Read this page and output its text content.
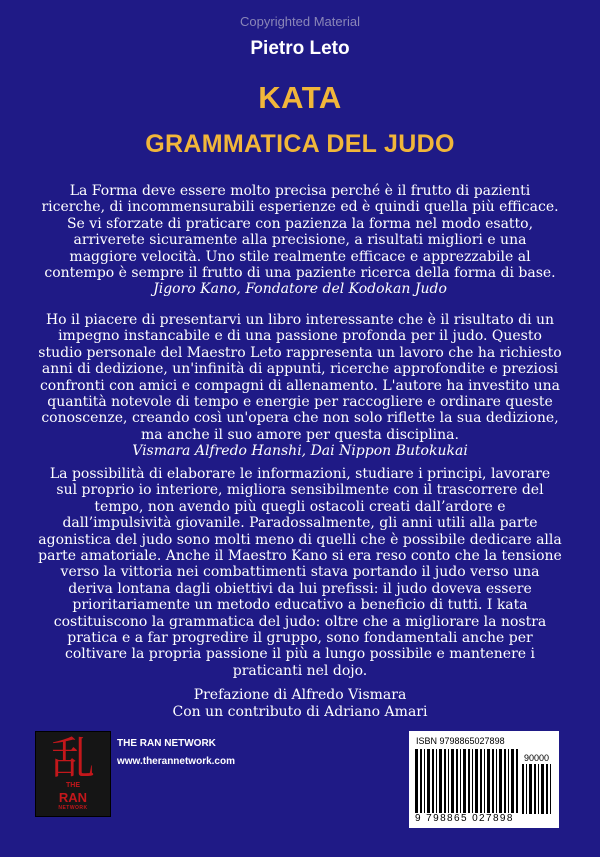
Copyrighted Material
Pietro Leto
KATA
GRAMMATICA DEL JUDO
La Forma deve essere molto precisa perché è il frutto di pazienti ricerche, di incommensurabili esperienze ed è quindi quella più efficace. Se vi sforzate di praticare con pazienza la forma nel modo esatto, arriverete sicuramente alla precisione, a risultati migliori e una maggiore velocità. Uno stile realmente efficace e apprezzabile al contempo è sempre il frutto di una paziente ricerca della forma di base.
Jigoro Kano, Fondatore del Kodokan Judo
Ho il piacere di presentarvi un libro interessante che è il risultato di un impegno instancabile e di una passione profonda per il judo. Questo studio personale del Maestro Leto rappresenta un lavoro che ha richiesto anni di dedizione, un'infinità di appunti, ricerche approfondite e preziosi confronti con amici e compagni di allenamento. L'autore ha investito una quantità notevole di tempo e energie per raccogliere e ordinare queste conoscenze, creando così un'opera che non solo riflette la sua dedizione, ma anche il suo amore per questa disciplina.
Vismara Alfredo Hanshi, Dai Nippon Butokukai
La possibilità di elaborare le informazioni, studiare i principi, lavorare sul proprio io interiore, migliora sensibilmente con il trascorrere del tempo, non avendo più quegli ostacoli creati dall’ardore e dall’impulsività giovanile. Paradossalmente, gli anni utili alla parte agonistica del judo sono molti meno di quelli che è possibile dedicare alla parte amatoriale. Anche il Maestro Kano si era reso conto che la tensione verso la vittoria nei combattimenti stava portando il judo verso una deriva lontana dagli obiettivi da lui prefissi: il judo doveva essere prioritariamente un metodo educativo a beneficio di tutti. I kata costituiscono la grammatica del judo: oltre che a migliorare la nostra pratica e a far progredire il gruppo, sono fondamentali anche per coltivare la propria passione il più a lungo possibile e mantenere i praticanti nel dojo.
Prefazione di Alfredo Vismara
Con un contributo di Adriano Amari
乱
THE
RAN
NETWORK
THE RAN NETWORK
www.therannetwork.com
ISBN 9798865027898
90000
9 798865 027898
